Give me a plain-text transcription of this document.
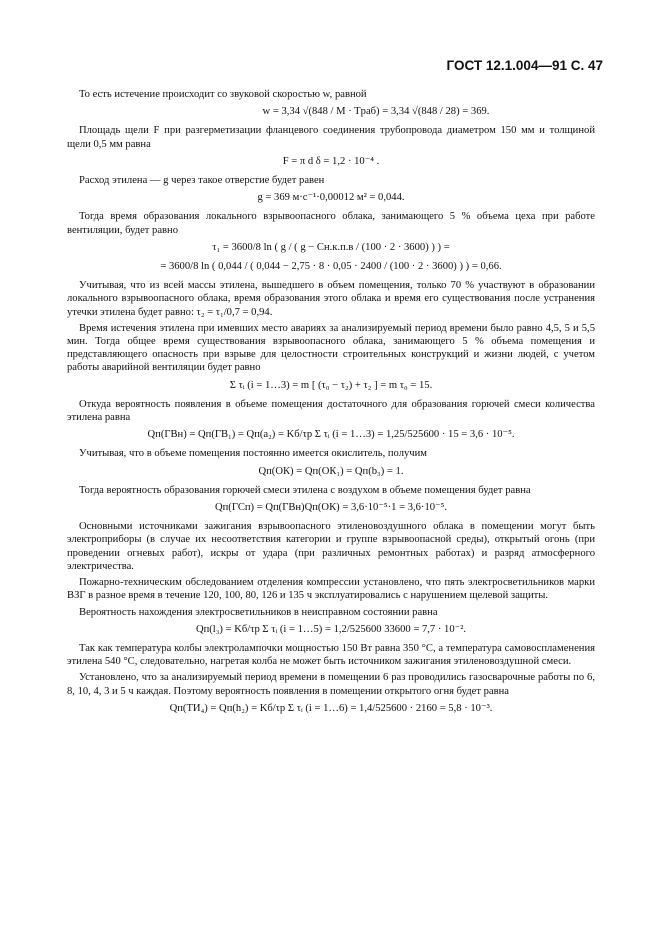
ГОСТ 12.1.004—91 С. 47

То есть истечение происходит со звуковой скоростью w, равной

w = 3,34 √(848 / M · Tраб) = 3,34 √(848 / 28) = 369.

Площадь щели F при разгерметизации фланцевого соединения трубопровода диаметром 150 мм и толщиной щели 0,5 мм равна

F = π d δ = 1,2 · 10⁻⁴ .

Расход этилена — g через такое отверстие будет равен

g = 369 м·с⁻¹·0,00012 м² = 0,044.

Тогда время образования локального взрывоопасного облака, занимающего 5 % объема цеха при работе вентиляции, будет равно

τ₁ = 3600/8 ln ( g / ( g − Cн.к.п.в / (100 · 2 · 3600) ) ) =
= 3600/8 ln ( 0,044 / ( 0,044 − 2,75 · 8 · 0,05 · 2400 / (100 · 2 · 3600) ) ) = 0,66.

Учитывая, что из всей массы этилена, вышедшего в объем помещения, только 70 % участвуют в образовании локального взрывоопасного облака, время образования этого облака и время его существования после устранения утечки этилена будет равно: τ₂ = τ₁/0,7 = 0,94.

Время истечения этилена при имевших место авариях за анализируемый период времени было равно 4,5, 5 и 5,5 мин. Тогда общее время существования взрывоопасного облака, занимающего 5 % объема помещения и представляющего опасность при взрыве для целостности строительных конструкций и жизни людей, с учетом работы аварийной вентиляции будет равно

Σ τᵢ (i = 1…3) = m [ (τ₀ − τ₂) + τ₂ ] = m τ₀ = 15.

Откуда вероятность появления в объеме помещения достаточного для образования горючей смеси количества этилена равна

Qп(ГВн) = Qп(ГВ₁) = Qп(a₂) = Kб/τр Σ τᵢ (i = 1…3) = 1,25/525600 · 15 = 3,6 · 10⁻⁵.

Учитывая, что в объеме помещения постоянно имеется окислитель, получим

Qп(ОК) = Qп(ОК₁) = Qп(b₃) = 1.

Тогда вероятность образования горючей смеси этилена с воздухом в объеме помещения будет равна

Qп(ГСп) = Qп(ГВн)Qп(ОК) = 3,6·10⁻⁵·1 = 3,6·10⁻⁵.

Основными источниками зажигания взрывоопасного этиленовоздушного облака в помещении могут быть электроприборы (в случае их несоответствия категории и группе взрывоопасной среды), открытый огонь (при проведении огневых работ), искры от удара (при различных ремонтных работах) и разряд атмосферного электричества.

Пожарно-техническим обследованием отделения компрессии установлено, что пять электросветильников марки ВЗГ в разное время в течение 120, 100, 80, 126 и 135 ч эксплуатировались с нарушением щелевой защиты.

Вероятность нахождения электросветильников в неисправном состоянии равна

Qп(l₃) = Kб/τр Σ τᵢ (i = 1…5) = 1,2/525600 33600 = 7,7 · 10⁻².

Так как температура колбы электролампочки мощностью 150 Вт равна 350 °С, а температура самовоспламенения этилена 540 °С, следовательно, нагретая колба не может быть источником зажигания этиленовоздушной смеси.

Установлено, что за анализируемый период времени в помещении 6 раз проводились газосварочные работы по 6, 8, 10, 4, 3 и 5 ч каждая. Поэтому вероятность появления в помещении открытого огня будет равна

Qп(ТИ₄) = Qп(h₂) = Kб/τр Σ τᵢ (i = 1…6) = 1,4/525600 · 2160 = 5,8 · 10⁻³.
